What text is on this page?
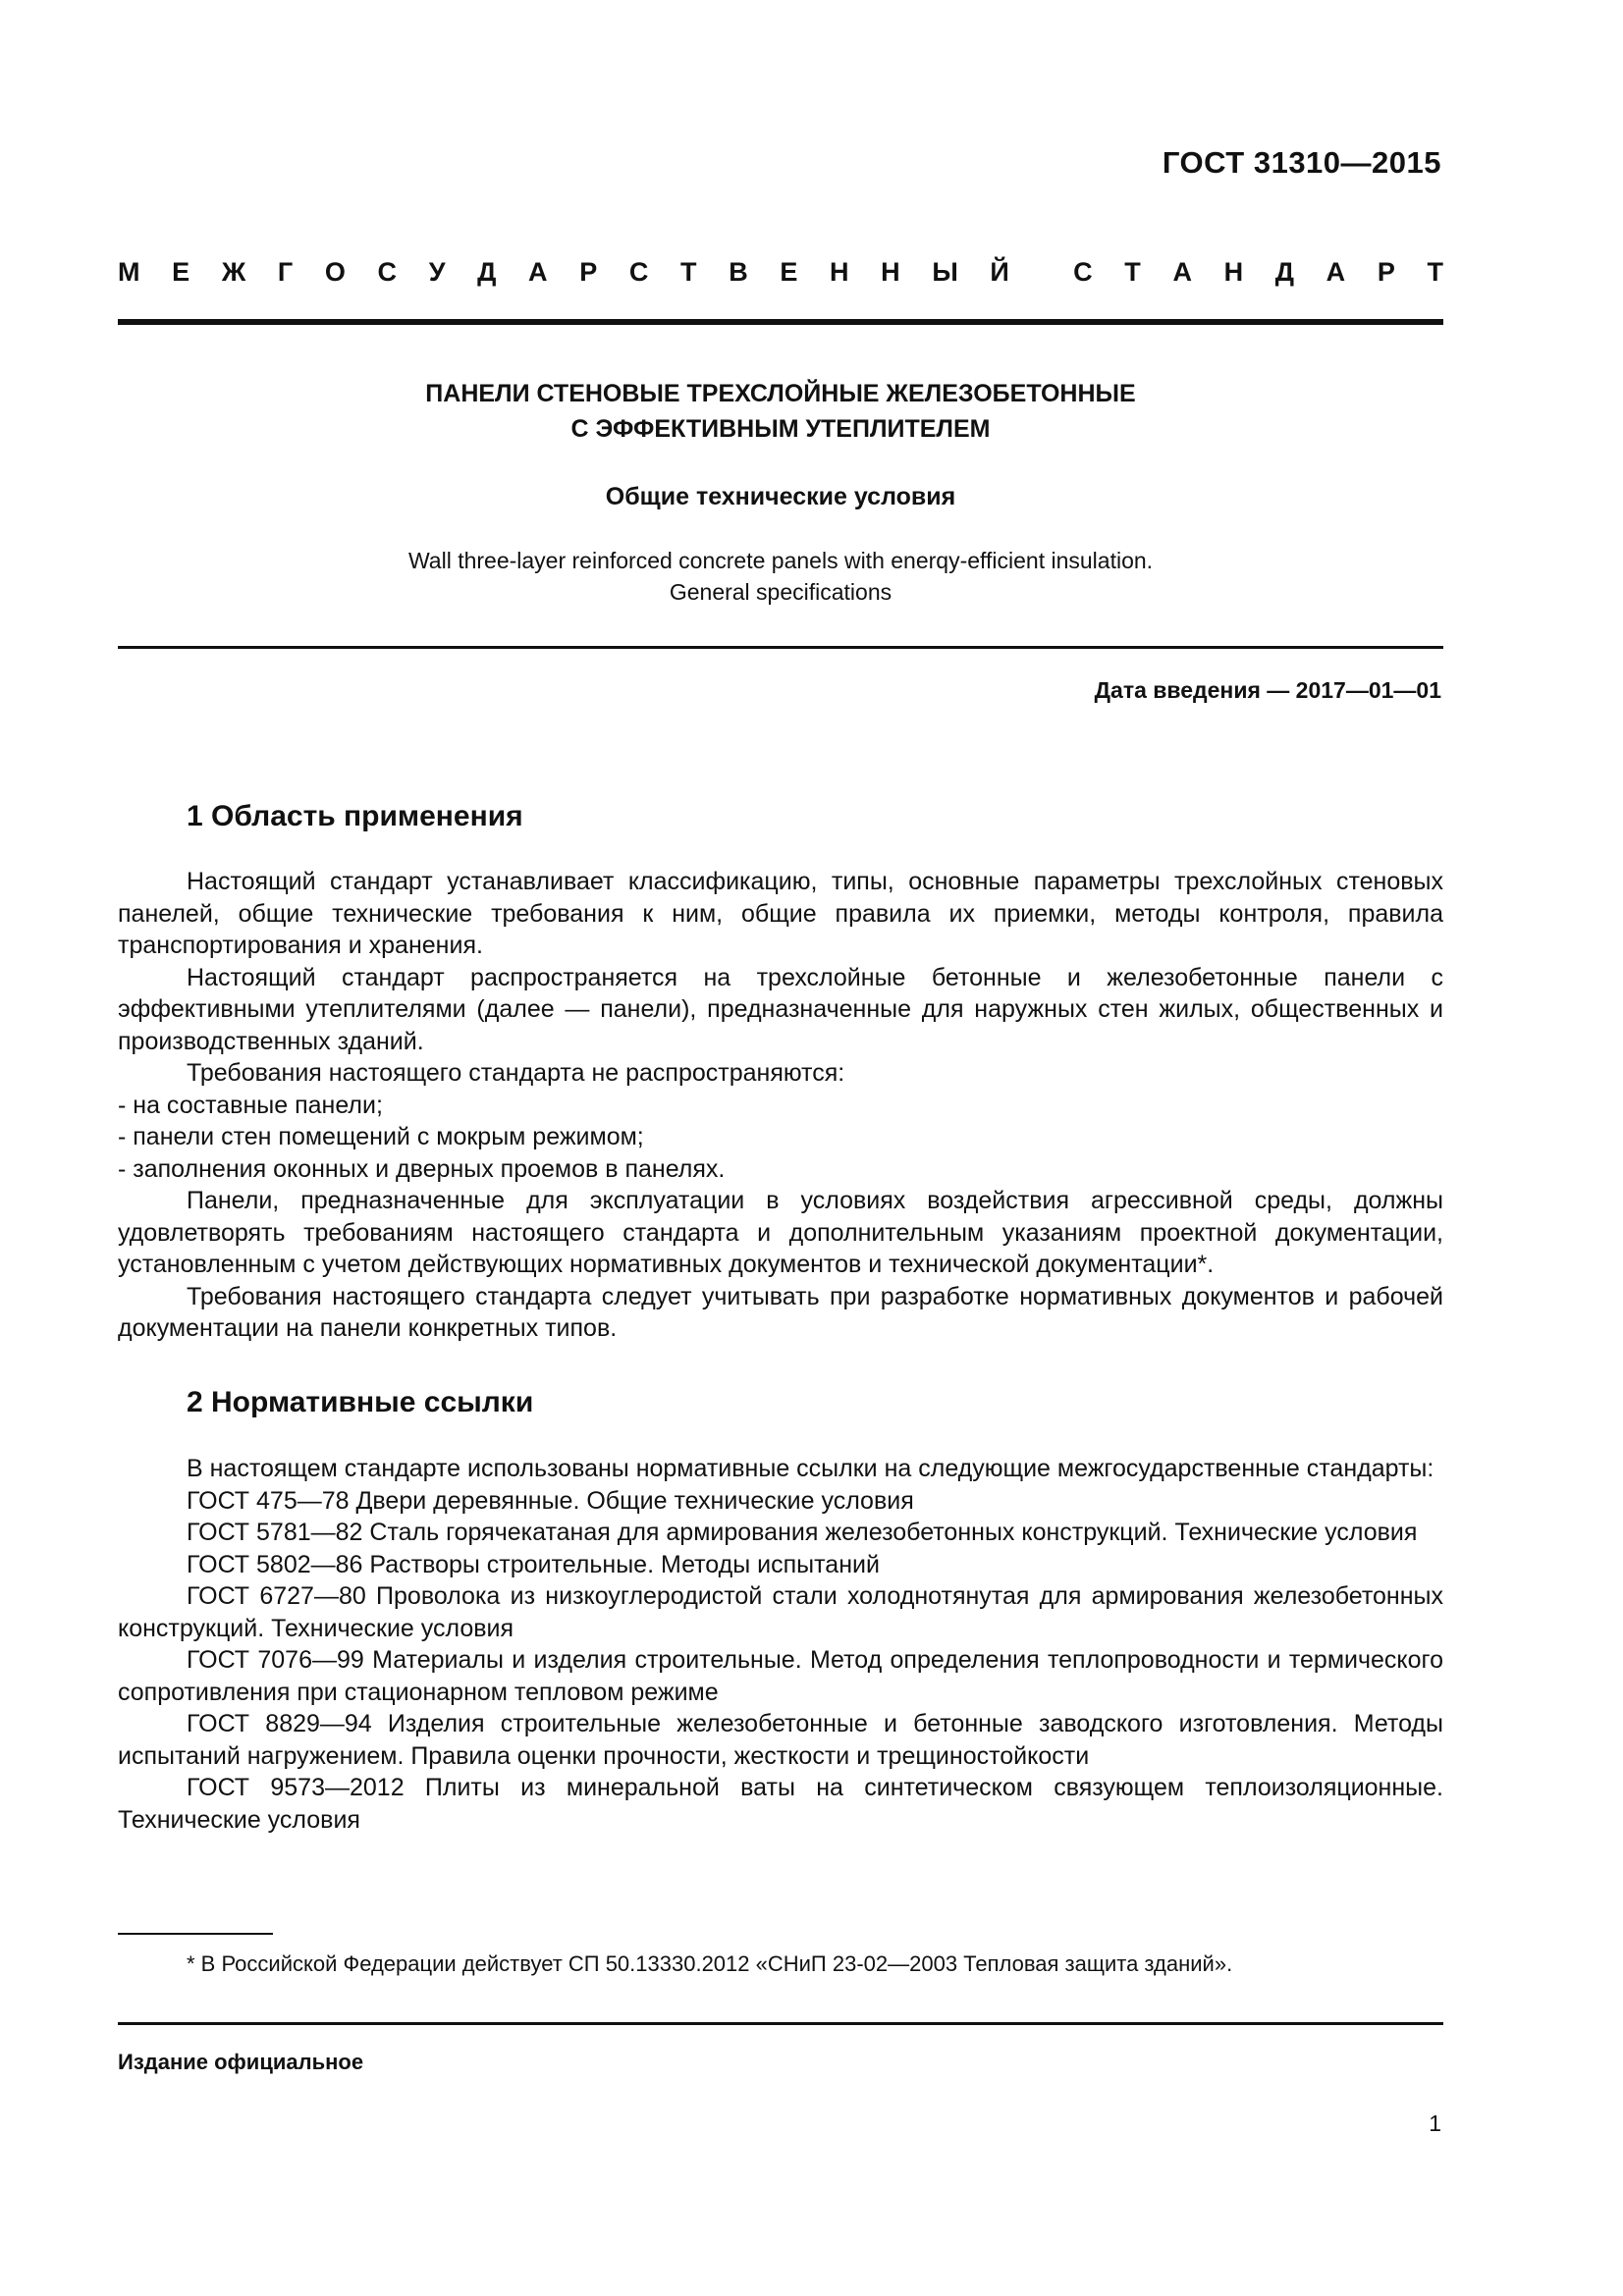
ГОСТ 31310—2015
М Е Ж Г О С У Д А Р С Т В Е Н Н Ы Й С Т А Н Д А Р Т
ПАНЕЛИ СТЕНОВЫЕ ТРЕХСЛОЙНЫЕ ЖЕЛЕЗОБЕТОННЫЕ
С ЭФФЕКТИВНЫМ УТЕПЛИТЕЛЕМ
Общие технические условия
Wall three-layer reinforced concrete panels with enerqy-efficient insulation.
General specifications
Дата введения — 2017—01—01
1 Область применения

Настоящий стандарт устанавливает классификацию, типы, основные параметры трехслойных стеновых панелей, общие технические требования к ним, общие правила их приемки, методы контроля, правила транспортирования и хранения.

Настоящий стандарт распространяется на трехслойные бетонные и железобетонные панели с эффективными утеплителями (далее — панели), предназначенные для наружных стен жилых, общественных и производственных зданий.

Требования настоящего стандарта не распространяются:

- на составные панели;

- панели стен помещений с мокрым режимом;

- заполнения оконных и дверных проемов в панелях.

Панели, предназначенные для эксплуатации в условиях воздействия агрессивной среды, должны удовлетворять требованиям настоящего стандарта и дополнительным указаниям проектной документации, установленным с учетом действующих нормативных документов и технической документации*.

Требования настоящего стандарта следует учитывать при разработке нормативных документов и рабочей документации на панели конкретных типов.

2 Нормативные ссылки

В настоящем стандарте использованы нормативные ссылки на следующие межгосударственные стандарты:

ГОСТ 475—78 Двери деревянные. Общие технические условия

ГОСТ 5781—82 Сталь горячекатаная для армирования железобетонных конструкций. Технические условия

ГОСТ 5802—86 Растворы строительные. Методы испытаний

ГОСТ 6727—80 Проволока из низкоуглеродистой стали холоднотянутая для армирования железобетонных конструкций. Технические условия

ГОСТ 7076—99 Материалы и изделия строительные. Метод определения теплопроводности и термического сопротивления при стационарном тепловом режиме

ГОСТ 8829—94 Изделия строительные железобетонные и бетонные заводского изготовления. Методы испытаний нагружением. Правила оценки прочности, жесткости и трещиностойкости

ГОСТ 9573—2012 Плиты из минеральной ваты на синтетическом связующем теплоизоляционные. Технические условия

* В Российской Федерации действует СП 50.13330.2012 «СНиП 23-02—2003 Тепловая защита зданий».
Издание официальное
1
